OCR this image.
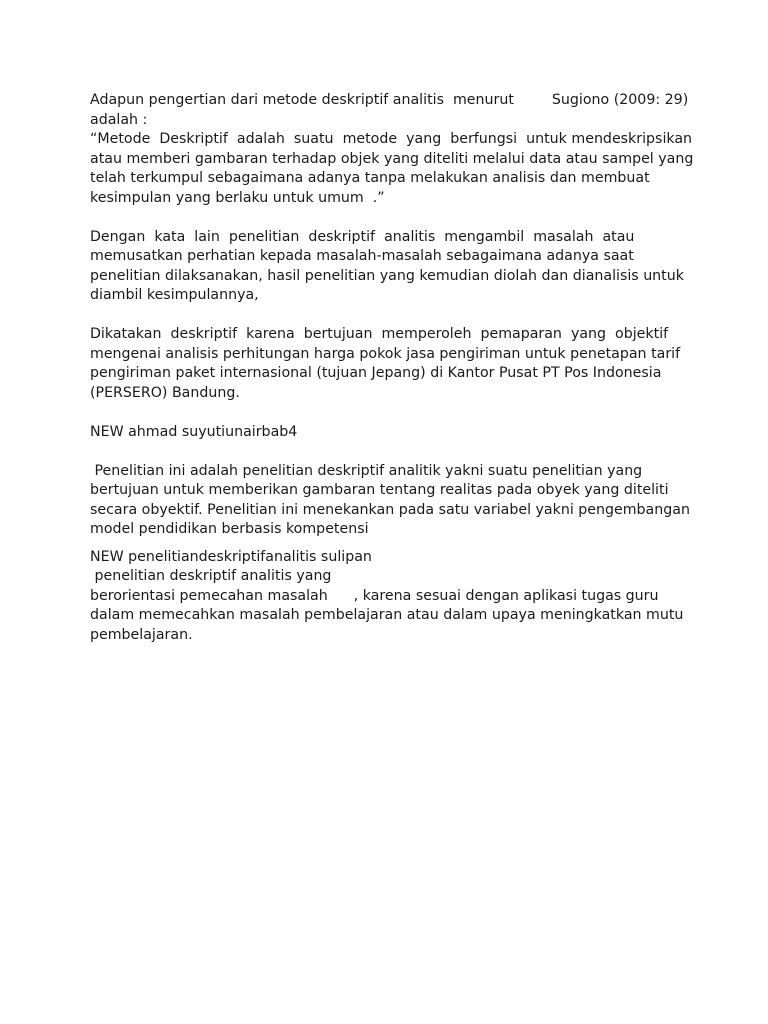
Adapun pengertian dari metode deskriptif analitis  menurut	Sugiono (2009: 29)
adalah :
“Metode  Deskriptif  adalah  suatu  metode  yang  berfungsi  untuk mendeskripsikan
atau memberi gambaran terhadap objek yang diteliti melalui data atau sampel yang
telah terkumpul sebagaimana adanya tanpa melakukan analisis dan membuat
kesimpulan yang berlaku untuk umum  .”
Dengan  kata  lain  penelitian  deskriptif  analitis  mengambil  masalah  atau
memusatkan perhatian kepada masalah-masalah sebagaimana adanya saat
penelitian dilaksanakan, hasil penelitian yang kemudian diolah dan dianalisis untuk
diambil kesimpulannya,
Dikatakan  deskriptif  karena  bertujuan  memperoleh  pemaparan  yang  objektif
mengenai analisis perhitungan harga pokok jasa pengiriman untuk penetapan tarif
pengiriman paket internasional (tujuan Jepang) di Kantor Pusat PT Pos Indonesia
(PERSERO) Bandung.
NEW ahmad suyutiunairbab4
Penelitian ini adalah penelitian deskriptif analitik yakni suatu penelitian yang
bertujuan untuk memberikan gambaran tentang realitas pada obyek yang diteliti
secara obyektif. Penelitian ini menekankan pada satu variabel yakni pengembangan
model pendidikan berbasis kompetensi
NEW penelitiandeskriptifanalitis sulipan
penelitian deskriptif analitis yang
berorientasi pemecahan masalah , karena sesuai dengan aplikasi tugas guru
dalam memecahkan masalah pembelajaran atau dalam upaya meningkatkan mutu
pembelajaran.
